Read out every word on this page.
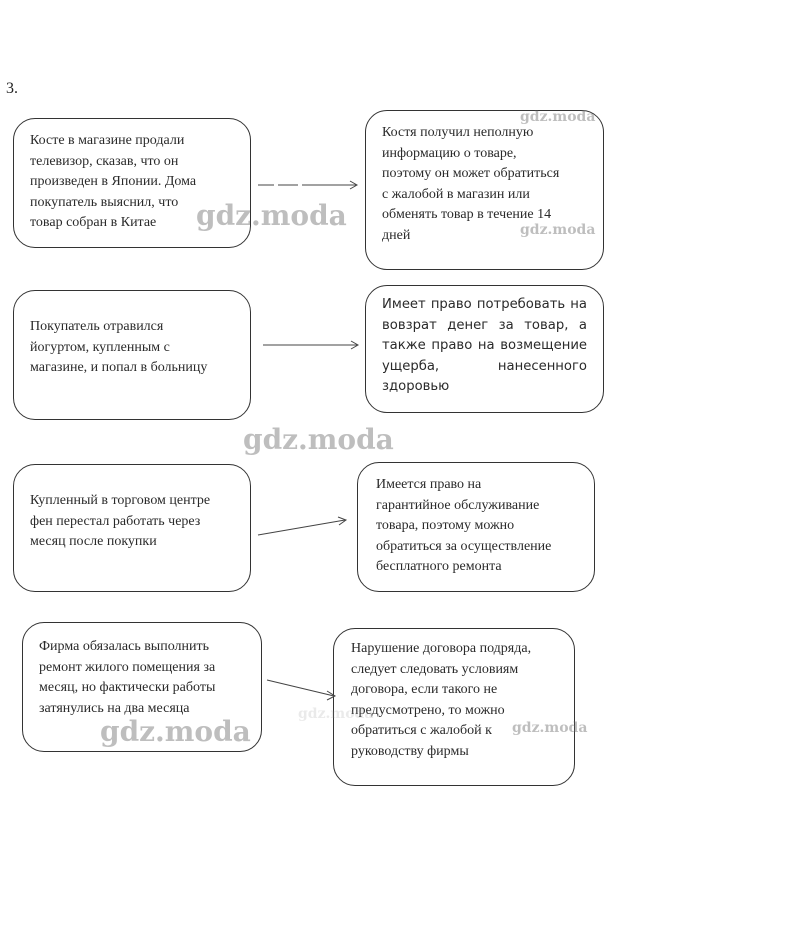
3.
Косте в магазине продали
телевизор, сказав, что он
произведен в Японии. Дома
покупатель выяснил, что
товар собран в Китае
Костя получил неполную
информацию о товаре,
поэтому он может обратиться
с жалобой в магазин или
обменять товар в течение 14
дней
Покупатель отравился
йогуртом, купленным с
магазине, и попал в больницу
Имеет право потребовать на
вовзрат денег за товар, а
также право на возмещение
ущерба, нанесенного
здоровью
Купленный в торговом центре
фен перестал работать через
месяц после покупки
Имеется право на
гарантийное обслуживание
товара, поэтому можно
обратиться за осуществление
бесплатного ремонта
Фирма обязалась выполнить
ремонт жилого помещения за
месяц, но фактически работы
затянулись на два месяца
Нарушение договора подряда,
следует следовать условиям
договора, если такого не
предусмотрено, то можно
обратиться с жалобой к
руководству фирмы
gdz.moda
gdz.moda
gdz.moda
gdz.moda
gdz.moda	gdz.moda
gdz.moda
